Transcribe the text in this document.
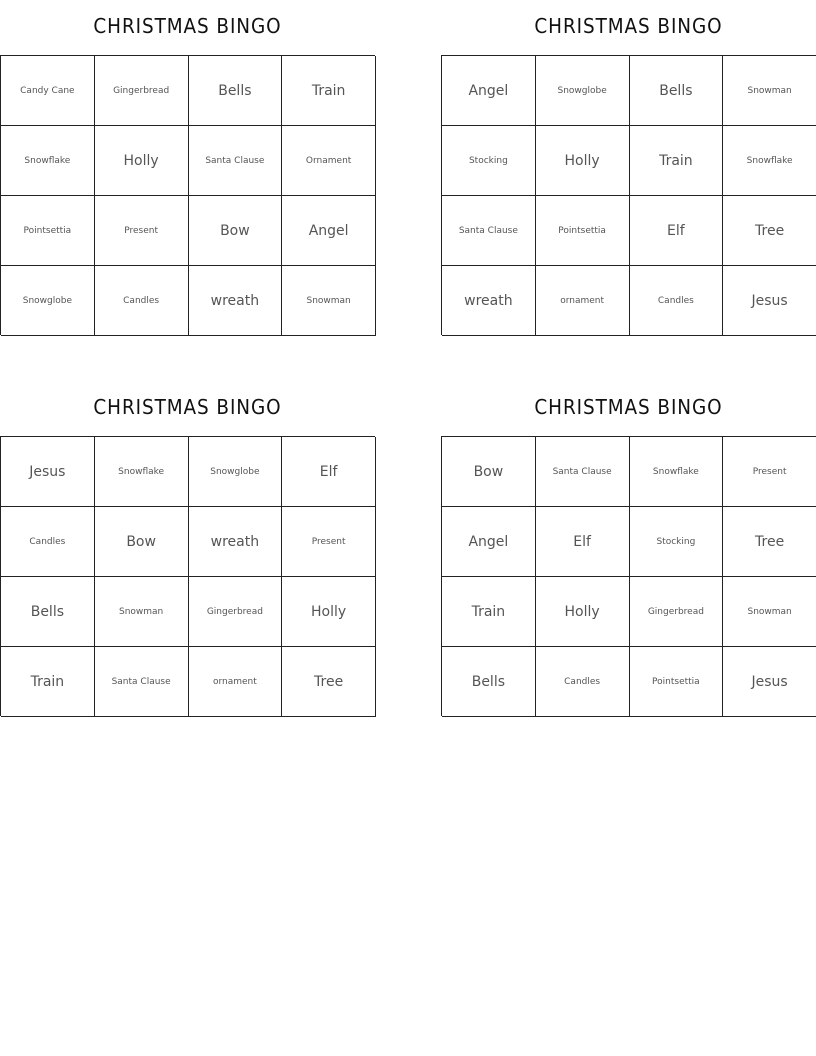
CHRISTMAS BINGO
Candy Cane	Gingerbread	Bells	Train
Snowflake	Holly	Santa Clause	Ornament
Pointsettia	Present	Bow	Angel
Snowglobe	Candles	wreath	Snowman
CHRISTMAS BINGO
Angel	Snowglobe	Bells	Snowman
Stocking	Holly	Train	Snowflake
Santa Clause	Pointsettia	Elf	Tree
wreath	ornament	Candles	Jesus
CHRISTMAS BINGO
Jesus	Snowflake	Snowglobe	Elf
Candles	Bow	wreath	Present
Bells	Snowman	Gingerbread	Holly
Train	Santa Clause	ornament	Tree
CHRISTMAS BINGO
Bow	Santa Clause	Snowflake	Present
Angel	Elf	Stocking	Tree
Train	Holly	Gingerbread	Snowman
Bells	Candles	Pointsettia	Jesus
